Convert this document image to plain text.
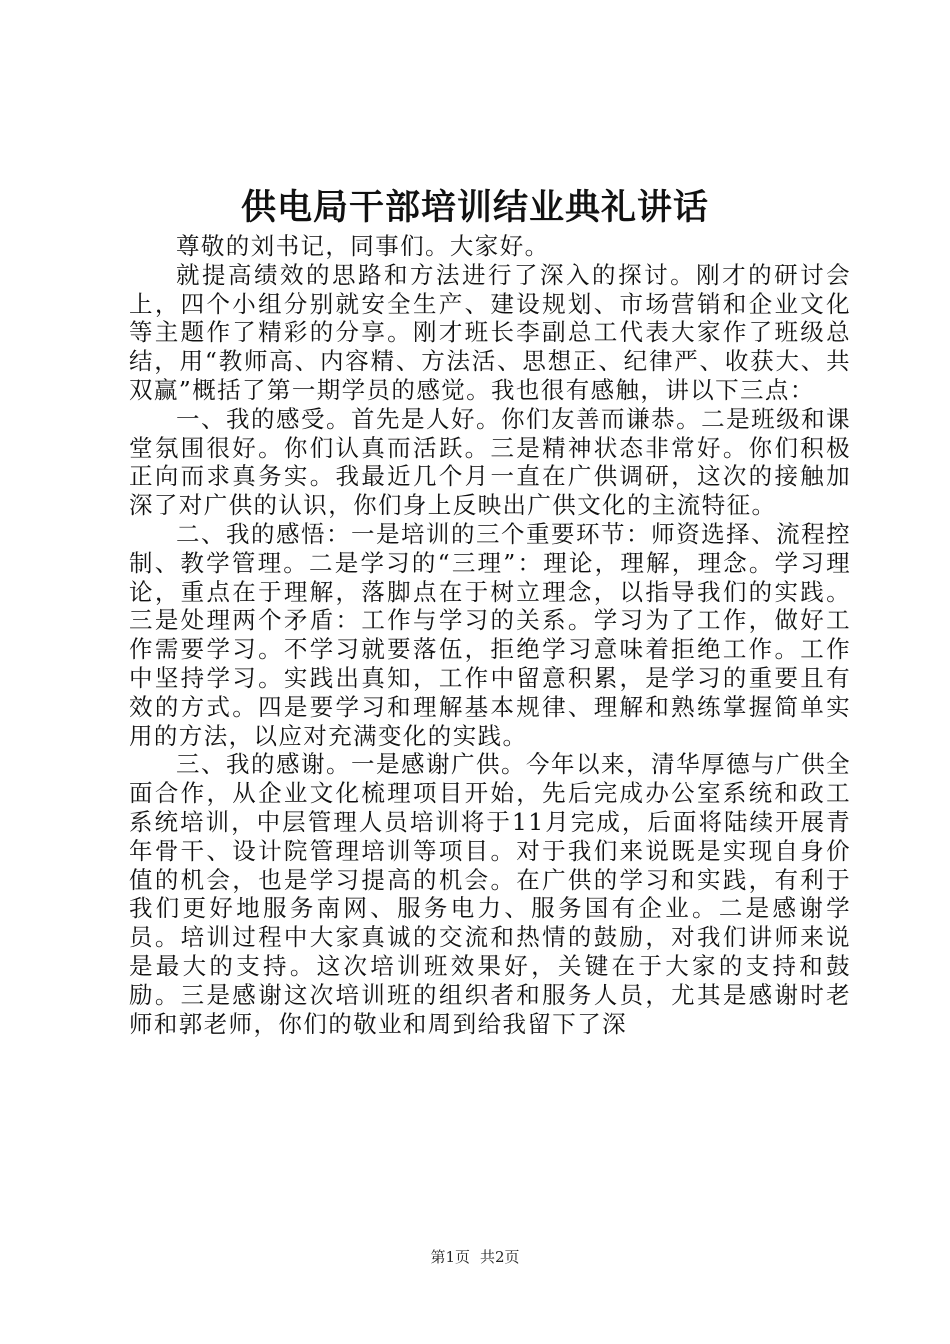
供电局干部培训结业典礼讲话

尊敬的刘书记，同事们。大家好。

就提高绩效的思路和方法进行了深入的探讨。刚才的研讨会上，四个小组分别就安全生产、建设规划、市场营销和企业文化等主题作了精彩的分享。刚才班长李副总工代表大家作了班级总结，用“教师高、内容精、方法活、思想正、纪律严、收获大、共双赢”概括了第一期学员的感觉。我也很有感触，讲以下三点：

一、我的感受。首先是人好。你们友善而谦恭。二是班级和课堂氛围很好。你们认真而活跃。三是精神状态非常好。你们积极正向而求真务实。我最近几个月一直在广供调研，这次的接触加深了对广供的认识，你们身上反映出广供文化的主流特征。

二、我的感悟：一是培训的三个重要环节：师资选择、流程控制、教学管理。二是学习的“三理”：理论，理解，理念。学习理论，重点在于理解，落脚点在于树立理念，以指导我们的实践。三是处理两个矛盾：工作与学习的关系。学习为了工作，做好工作需要学习。不学习就要落伍，拒绝学习意味着拒绝工作。工作中坚持学习。实践出真知，工作中留意积累，是学习的重要且有效的方式。四是要学习和理解基本规律、理解和熟练掌握简单实用的方法，以应对充满变化的实践。

三、我的感谢。一是感谢广供。今年以来，清华厚德与广供全面合作，从企业文化梳理项目开始，先后完成办公室系统和政工系统培训，中层管理人员培训将于11月完成，后面将陆续开展青年骨干、设计院管理培训等项目。对于我们来说既是实现自身价值的机会，也是学习提高的机会。在广供的学习和实践，有利于我们更好地服务南网、服务电力、服务国有企业。二是感谢学员。培训过程中大家真诚的交流和热情的鼓励，对我们讲师来说是最大的支持。这次培训班效果好，关键在于大家的支持和鼓励。三是感谢这次培训班的组织者和服务人员，尤其是感谢时老师和郭老师，你们的敬业和周到给我留下了深

第1页 共2页
